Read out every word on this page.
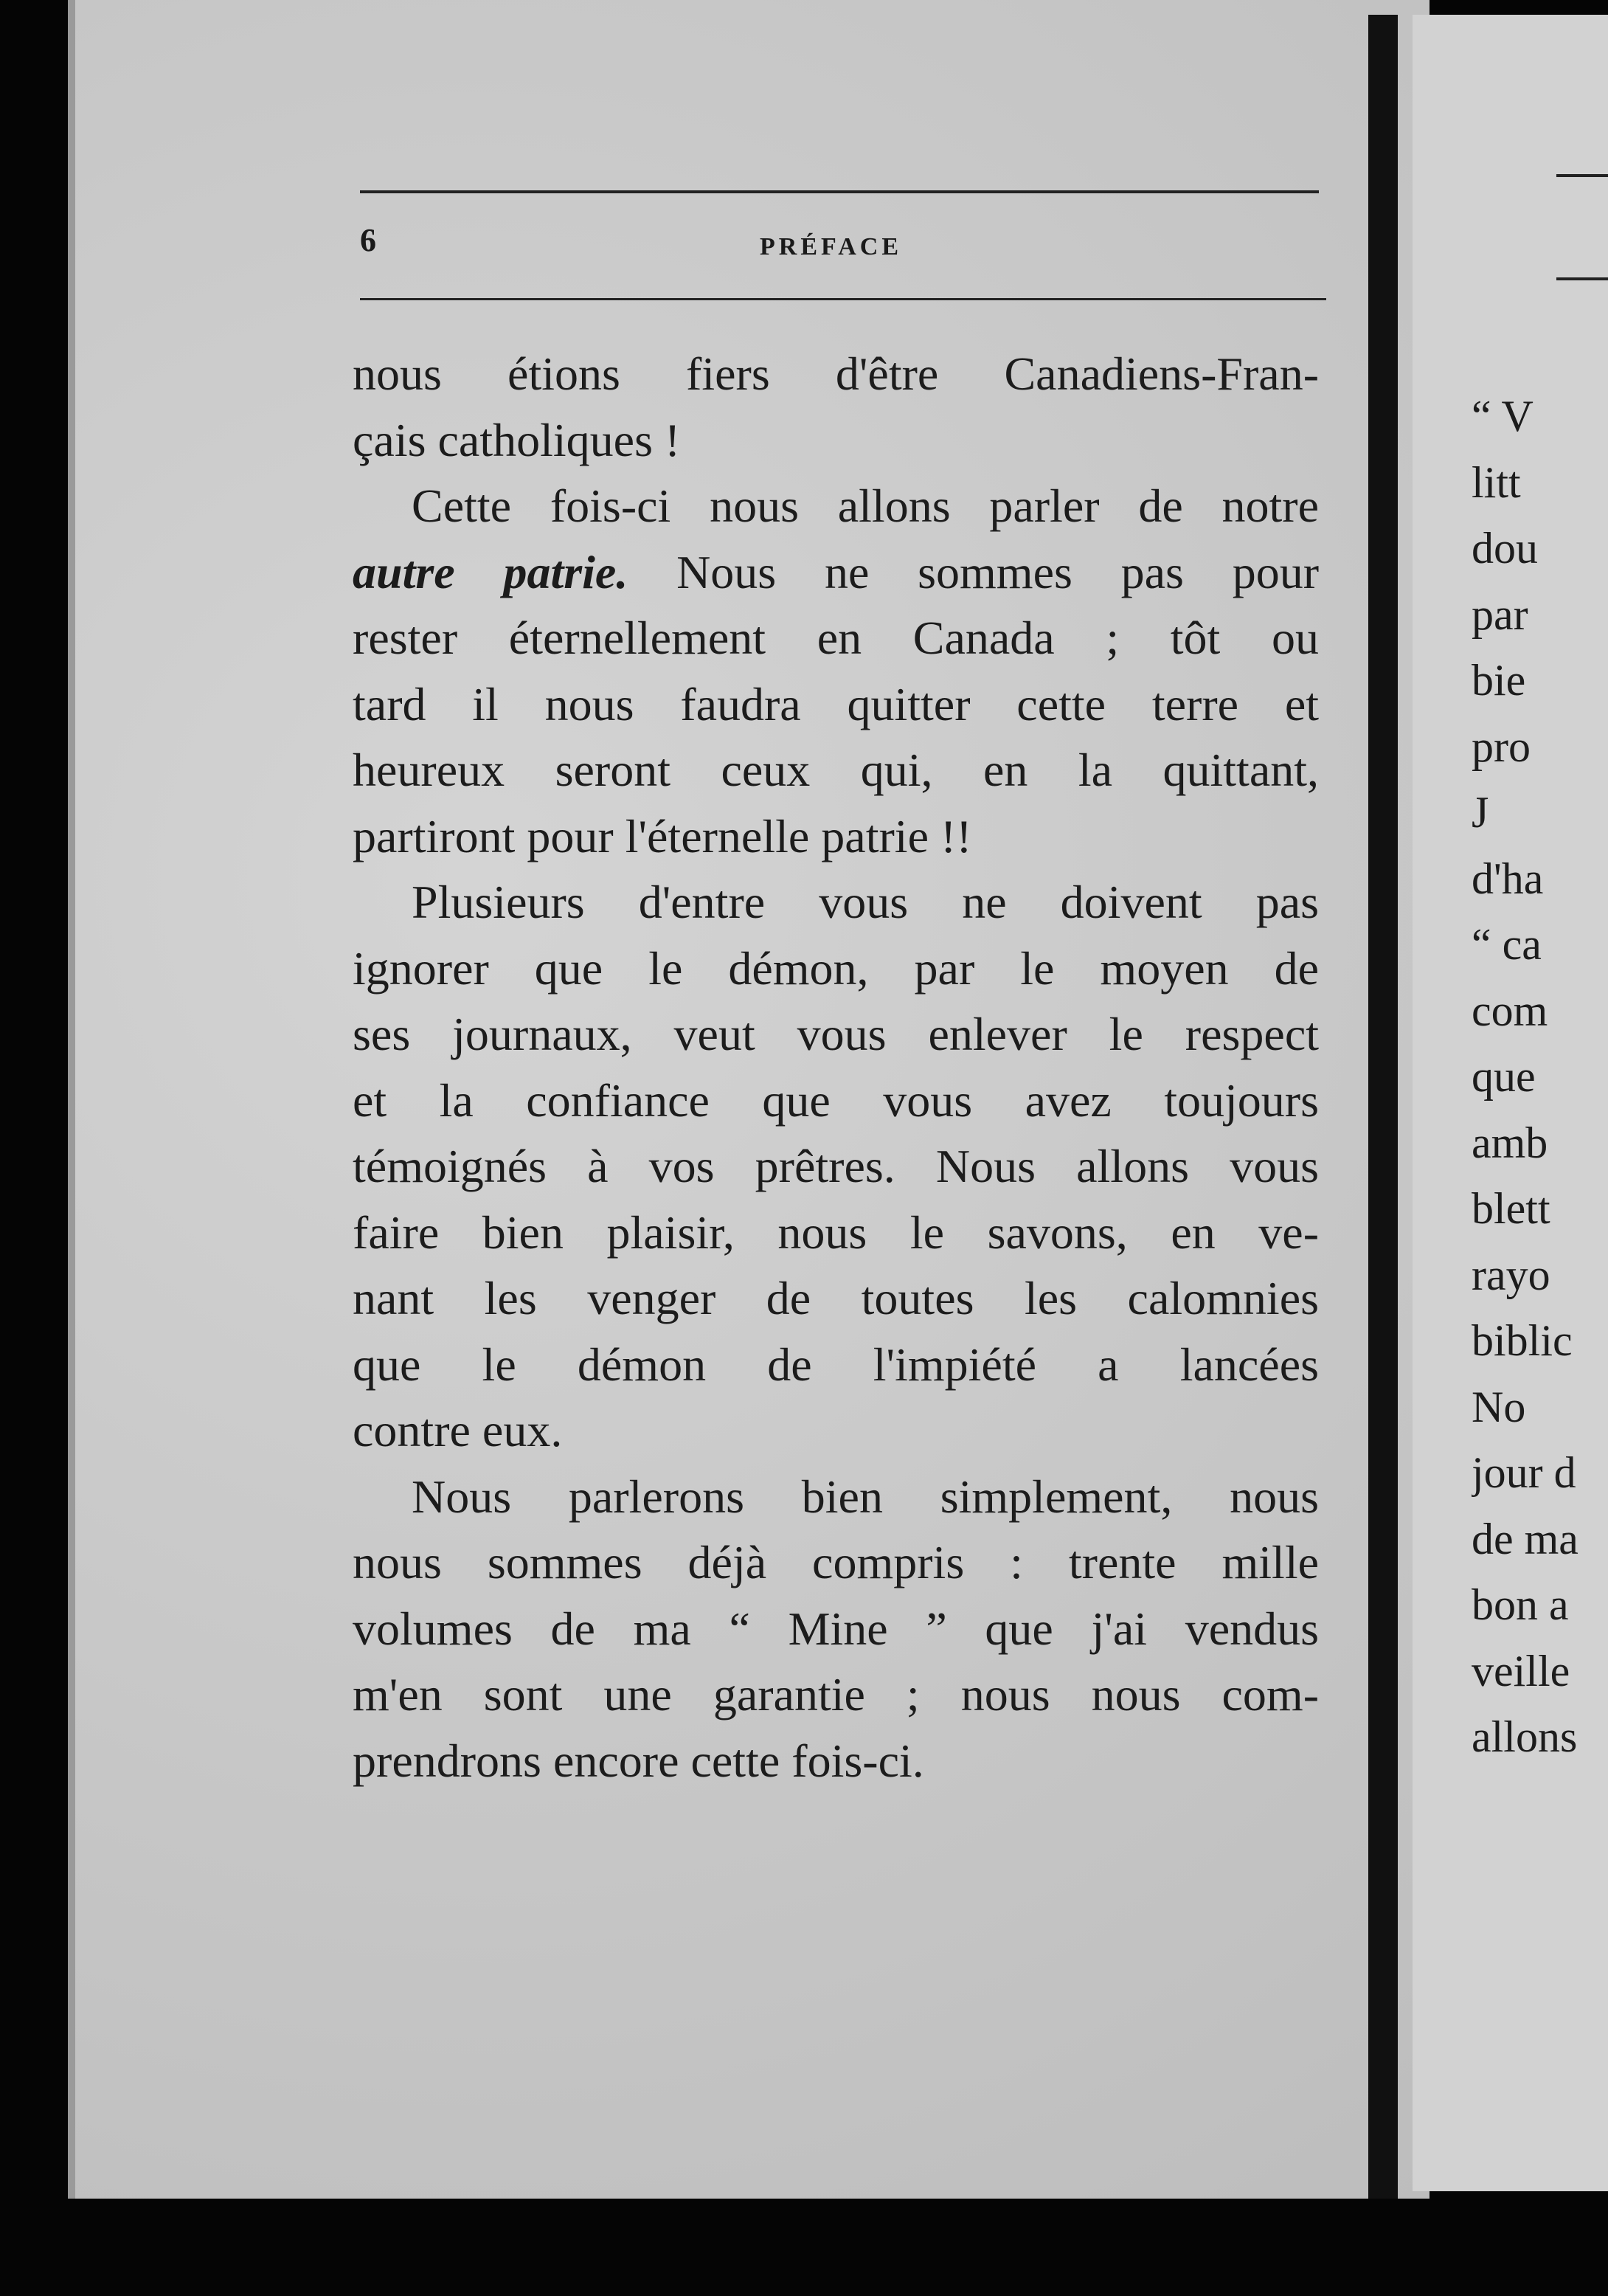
6	PRÉFACE
nous étions fiers d'être Canadiens-Fran-
çais catholiques !
Cette fois-ci nous allons parler de notre
autre patrie. Nous ne sommes pas pour
rester éternellement en Canada ; tôt ou
tard il nous faudra quitter cette terre et
heureux seront ceux qui, en la quittant,
partiront pour l'éternelle patrie !!
Plusieurs d'entre vous ne doivent pas
ignorer que le démon, par le moyen de
ses journaux, veut vous enlever le respect
et la confiance que vous avez toujours
témoignés à vos prêtres. Nous allons vous
faire bien plaisir, nous le savons, en ve-
nant les venger de toutes les calomnies
que le démon de l'impiété a lancées
contre eux.
Nous parlerons bien simplement, nous
nous sommes déjà compris : trente mille
volumes de ma “ Mine ” que j'ai vendus
m'en sont une garantie ; nous nous com-
prendrons encore cette fois-ci.
“ V
litt
dou
par
bie
pro
J
d'ha
“ ca
com
que
amb
blett
rayo
biblic
No
jour d
de ma
bon a
veille
allons
